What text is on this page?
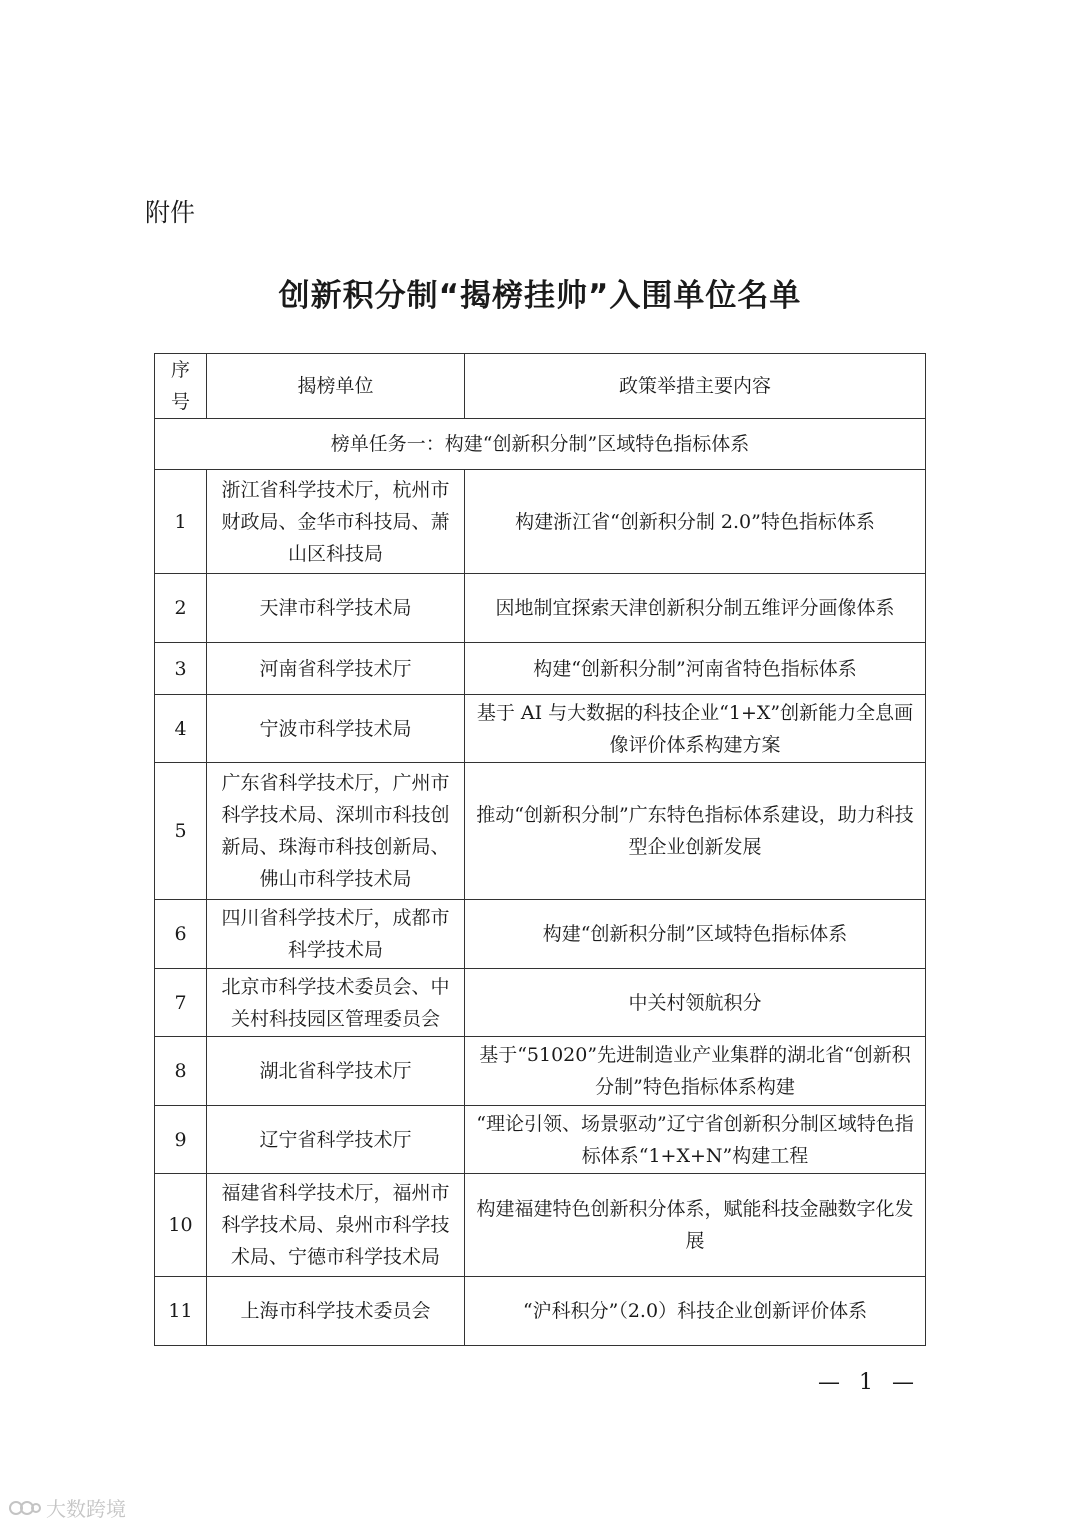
附件
创新积分制“揭榜挂帅”入围单位名单
序号	揭榜单位	政策举措主要内容
榜单任务一：构建“创新积分制”区域特色指标体系		
1	浙江省科学技术厅，杭州市财政局、金华市科技局、萧山区科技局	构建浙江省“创新积分制 2.0”特色指标体系
2	天津市科学技术局	因地制宜探索天津创新积分制五维评分画像体系
3	河南省科学技术厅	构建“创新积分制”河南省特色指标体系
4	宁波市科学技术局	基于 AI 与大数据的科技企业“1+X”创新能力全息画像评价体系构建方案
5	广东省科学技术厅，广州市科学技术局、深圳市科技创新局、珠海市科技创新局、佛山市科学技术局	推动“创新积分制”广东特色指标体系建设，助力科技型企业创新发展
6	四川省科学技术厅，成都市科学技术局	构建“创新积分制”区域特色指标体系
7	北京市科学技术委员会、中关村科技园区管理委员会	中关村领航积分
8	湖北省科学技术厅	基于“51020”先进制造业产业集群的湖北省“创新积分制”特色指标体系构建
9	辽宁省科学技术厅	“理论引领、场景驱动”辽宁省创新积分制区域特色指标体系“1+X+N”构建工程
10	福建省科学技术厅，福州市科学技术局、泉州市科学技术局、宁德市科学技术局	构建福建特色创新积分体系，赋能科技金融数字化发展
11	上海市科学技术委员会	“沪科积分”（2.0）科技企业创新评价体系
— 1 —
大数跨境
